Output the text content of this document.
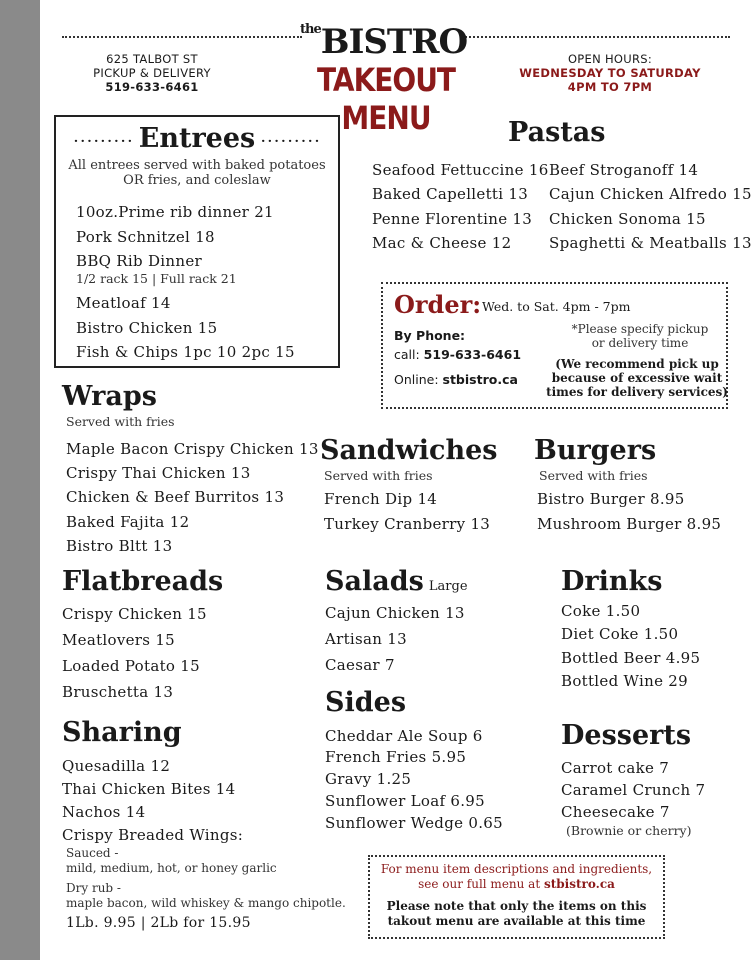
625 TALBOT ST
PICKUP & DELIVERY
519-633-6461
$^{the}$BISTRO
TAKEOUT MENU
OPEN HOURS:
WEDNESDAY TO SATURDAY
4PM TO 7PM
········· Entrees ·········
All entrees served with baked potatoes
OR fries, and coleslaw
10oz.Prime rib dinner 21
Pork Schnitzel 18
BBQ Rib Dinner
1/2 rack 15 | Full rack 21
Meatloaf 14
Bistro Chicken 15
Fish & Chips 1pc 10 2pc 15
Pastas
Seafood Fettuccine 16
Baked Capelletti 13
Penne Florentine 13
Mac & Cheese 12
Beef Stroganoff 14
Cajun Chicken Alfredo 15
Chicken Sonoma 15
Spaghetti & Meatballs 13
Order: Wed. to Sat. 4pm - 7pm
By Phone:
call: 519-633-6461
Online: stbistro.ca
*Please specify pickup
or delivery time
(We recommend pick up
because of excessive wait
times for delivery services)
Wraps
Served with fries
Maple Bacon Crispy Chicken 13
Crispy Thai Chicken 13
Chicken & Beef Burritos 13
Baked Fajita 12
Bistro Bltt 13
Sandwiches
Served with fries
French Dip 14
Turkey Cranberry 13
Burgers
Served with fries
Bistro Burger 8.95
Mushroom Burger 8.95
Flatbreads
Crispy Chicken 15
Meatlovers 15
Loaded Potato 15
Bruschetta 13
Salads Large
Cajun Chicken 13
Artisan 13
Caesar 7
Drinks
Coke 1.50
Diet Coke 1.50
Bottled Beer 4.95
Bottled Wine 29
Sides
Cheddar Ale Soup 6
French Fries 5.95
Gravy 1.25
Sunflower Loaf 6.95
Sunflower Wedge 0.65
Sharing
Quesadilla 12
Thai Chicken Bites 14
Nachos 14
Crispy Breaded Wings:
Sauced -
mild, medium, hot, or honey garlic
Dry rub -
maple bacon, wild whiskey & mango chipotle.
1Lb. 9.95 | 2Lb for 15.95
Desserts
Carrot cake 7
Caramel Crunch 7
Cheesecake 7
(Brownie or cherry)
For menu item descriptions and ingredients,
see our full menu at stbistro.ca
Please note that only the items on this
takout menu are available at this time
